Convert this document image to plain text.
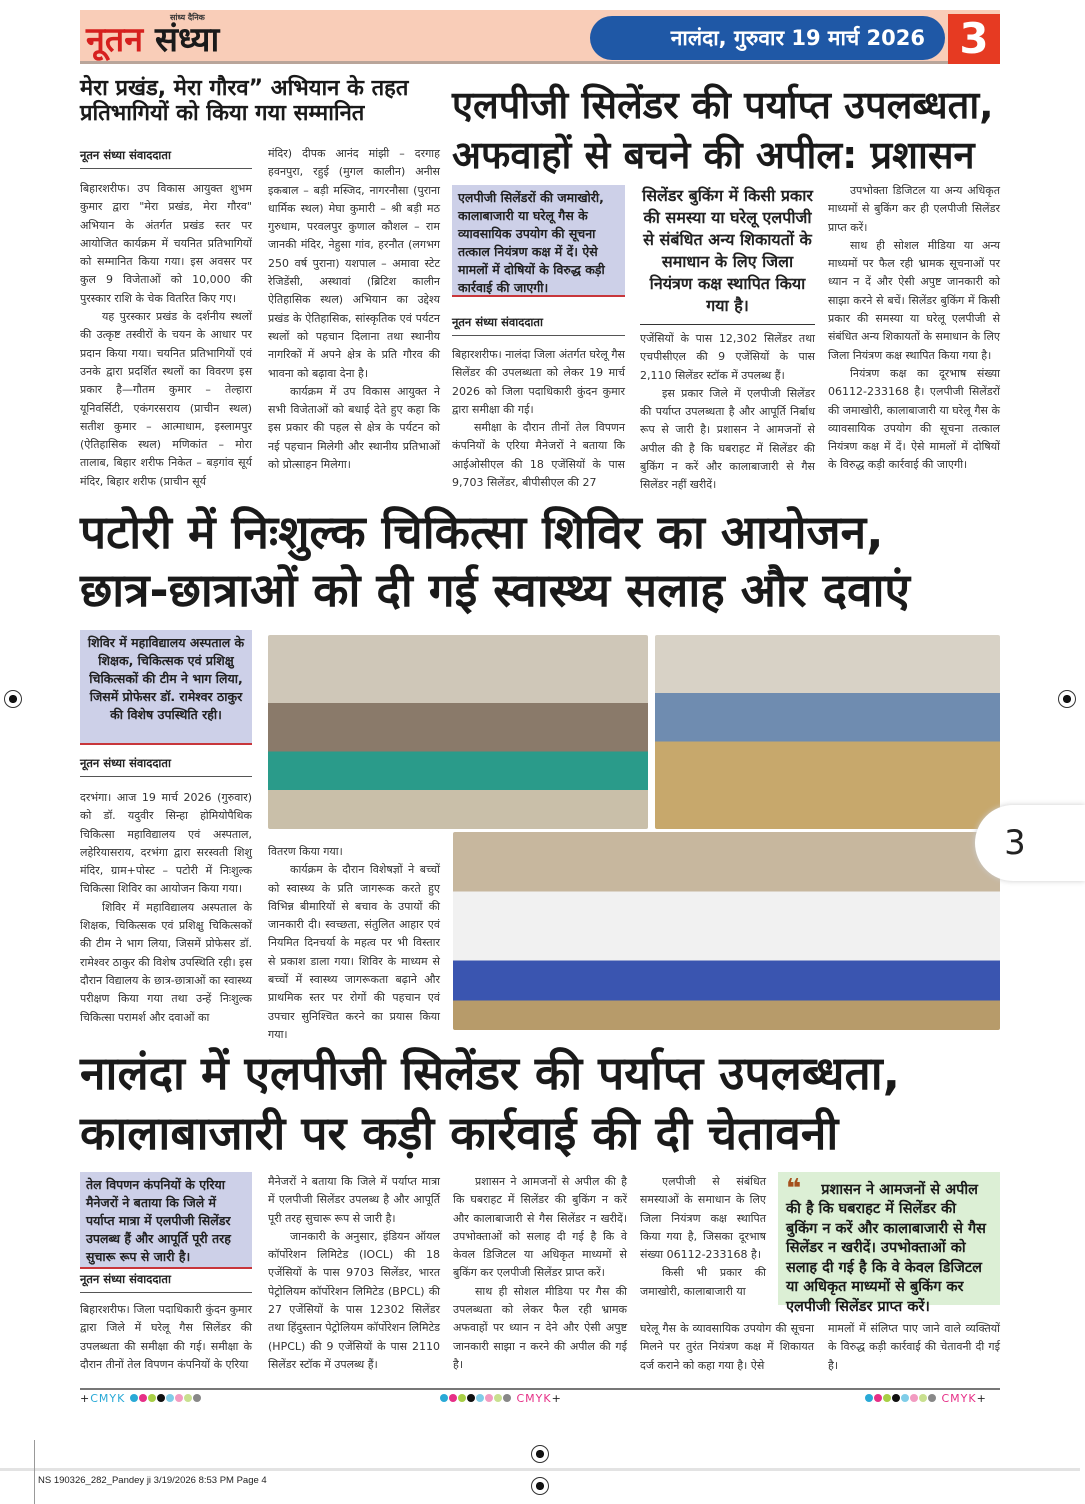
सांध्य दैनिक
नूतन संध्या	नालंदा, गुरुवार 19 मार्च 2026 3
मेरा प्रखंड, मेरा गौरव” अभियान के तहत प्रतिभागियों को किया गया सम्मानित
नूतन संध्या संवाददाता

बिहारशरीफ। उप विकास आयुक्त शुभम कुमार द्वारा "मेरा प्रखंड, मेरा गौरव" अभियान के अंतर्गत प्रखंड स्तर पर आयोजित कार्यक्रम में चयनित प्रतिभागियों को सम्मानित किया गया। इस अवसर पर कुल 9 विजेताओं को 10,000 की पुरस्कार राशि के चेक वितरित किए गए।

यह पुरस्कार प्रखंड के दर्शनीय स्थलों की उत्कृष्ट तस्वीरों के चयन के आधार पर प्रदान किया गया। चयनित प्रतिभागियों एवं उनके द्वारा प्रदर्शित स्थलों का विवरण इस प्रकार है—गौतम कुमार – तेल्हारा यूनिवर्सिटी, एकंगरसराय (प्राचीन स्थल) सतीश कुमार – आत्माधाम, इस्लामपुर (ऐतिहासिक स्थल) मणिकांत – मोरा तालाब, बिहार शरीफ निकेत – बड़गांव सूर्य मंदिर, बिहार शरीफ (प्राचीन सूर्य

मंदिर) दीपक आनंद मांझी – दरगाह हवनपुरा, रहुई (मुगल कालीन) अनीस इकबाल – बड़ी मस्जिद, नागरनौसा (पुराना धार्मिक स्थल) मेघा कुमारी – श्री बड़ी मठ गुरुधाम, परवलपुर कुणाल कौशल – राम जानकी मंदिर, नेहुसा गांव, हरनौत (लगभग 250 वर्ष पुराना) यशपाल – अमावा स्टेट रेजिडेंसी, अस्थावां (ब्रिटिश कालीन ऐतिहासिक स्थल) अभियान का उद्देश्य प्रखंड के ऐतिहासिक, सांस्कृतिक एवं पर्यटन स्थलों को पहचान दिलाना तथा स्थानीय नागरिकों में अपने क्षेत्र के प्रति गौरव की भावना को बढ़ावा देना है।

कार्यक्रम में उप विकास आयुक्त ने सभी विजेताओं को बधाई देते हुए कहा कि इस प्रकार की पहल से क्षेत्र के पर्यटन को नई पहचान मिलेगी और स्थानीय प्रतिभाओं को प्रोत्साहन मिलेगा।

एलपीजी सिलेंडर की पर्याप्त उपलब्धता, अफवाहों से बचने की अपील: प्रशासन
एलपीजी सिलेंडरों की जमाखोरी, कालाबाजारी या घरेलू गैस के व्यावसायिक उपयोग की सूचना तत्काल नियंत्रण कक्ष में दें। ऐसे मामलों में दोषियों के विरुद्ध कड़ी कार्रवाई की जाएगी।
नूतन संध्या संवाददाता

बिहारशरीफ। नालंदा जिला अंतर्गत घरेलू गैस सिलेंडर की उपलब्धता को लेकर 19 मार्च 2026 को जिला पदाधिकारी कुंदन कुमार द्वारा समीक्षा की गई।

समीक्षा के दौरान तीनों तेल विपणन कंपनियों के एरिया मैनेजरों ने बताया कि आईओसीएल की 18 एजेंसियों के पास 9,703 सिलेंडर, बीपीसीएल की 27

सिलेंडर बुकिंग में किसी प्रकार की समस्या या घरेलू एलपीजी से संबंधित अन्य शिकायतों के समाधान के लिए जिला नियंत्रण कक्ष स्थापित किया गया है।

एजेंसियों के पास 12,302 सिलेंडर तथा एचपीसीएल की 9 एजेंसियों के पास 2,110 सिलेंडर स्टॉक में उपलब्ध हैं।

इस प्रकार जिले में एलपीजी सिलेंडर की पर्याप्त उपलब्धता है और आपूर्ति निर्बाध रूप से जारी है। प्रशासन ने आमजनों से अपील की है कि घबराहट में सिलेंडर की बुकिंग न करें और कालाबाजारी से गैस सिलेंडर नहीं खरीदें।

उपभोक्ता डिजिटल या अन्य अधिकृत माध्यमों से बुकिंग कर ही एलपीजी सिलेंडर प्राप्त करें।

साथ ही सोशल मीडिया या अन्य माध्यमों पर फैल रही भ्रामक सूचनाओं पर ध्यान न दें और ऐसी अपुष्ट जानकारी को साझा करने से बचें। सिलेंडर बुकिंग में किसी प्रकार की समस्या या घरेलू एलपीजी से संबंधित अन्य शिकायतों के समाधान के लिए जिला नियंत्रण कक्ष स्थापित किया गया है।

नियंत्रण कक्ष का दूरभाष संख्या 06112-233168 है। एलपीजी सिलेंडरों की जमाखोरी, कालाबाजारी या घरेलू गैस के व्यावसायिक उपयोग की सूचना तत्काल नियंत्रण कक्ष में दें। ऐसे मामलों में दोषियों के विरुद्ध कड़ी कार्रवाई की जाएगी।

पटोरी में निःशुल्क चिकित्सा शिविर का आयोजन,
छात्र-छात्राओं को दी गई स्वास्थ्य सलाह और दवाएं
शिविर में महाविद्यालय अस्पताल के शिक्षक, चिकित्सक एवं प्रशिक्षु चिकित्सकों की टीम ने भाग लिया, जिसमें प्रोफेसर डॉ. रामेश्वर ठाकुर की विशेष उपस्थिति रही।
नूतन संध्या संवाददाता

दरभंगा। आज 19 मार्च 2026 (गुरुवार) को डॉ. यदुवीर सिन्हा होमियोपैथिक चिकित्सा महाविद्यालय एवं अस्पताल, लहेरियासराय, दरभंगा द्वारा सरस्वती शिशु मंदिर, ग्राम+पोस्ट – पटोरी में निःशुल्क चिकित्सा शिविर का आयोजन किया गया।

शिविर में महाविद्यालय अस्पताल के शिक्षक, चिकित्सक एवं प्रशिक्षु चिकित्सकों की टीम ने भाग लिया, जिसमें प्रोफेसर डॉ. रामेश्वर ठाकुर की विशेष उपस्थिति रही। इस दौरान विद्यालय के छात्र-छात्राओं का स्वास्थ्य परीक्षण किया गया तथा उन्हें निःशुल्क चिकित्सा परामर्श और दवाओं का

वितरण किया गया।

कार्यक्रम के दौरान विशेषज्ञों ने बच्चों को स्वास्थ्य के प्रति जागरूक करते हुए विभिन्न बीमारियों से बचाव के उपायों की जानकारी दी। स्वच्छता, संतुलित आहार एवं नियमित दिनचर्या के महत्व पर भी विस्तार से प्रकाश डाला गया। शिविर के माध्यम से बच्चों में स्वास्थ्य जागरूकता बढ़ाने और प्राथमिक स्तर पर रोगों की पहचान एवं उपचार सुनिश्चित करने का प्रयास किया गया।

3
नालंदा में एलपीजी सिलेंडर की पर्याप्त उपलब्धता,
कालाबाजारी पर कड़ी कार्रवाई की दी चेतावनी
तेल विपणन कंपनियों के एरिया मैनेजरों ने बताया कि जिले में पर्याप्त मात्रा में एलपीजी सिलेंडर उपलब्ध हैं और आपूर्ति पूरी तरह सुचारू रूप से जारी है।
नूतन संध्या संवाददाता

बिहारशरीफ। जिला पदाधिकारी कुंदन कुमार द्वारा जिले में घरेलू गैस सिलेंडर की उपलब्धता की समीक्षा की गई। समीक्षा के दौरान तीनों तेल विपणन कंपनियों के एरिया

मैनेजरों ने बताया कि जिले में पर्याप्त मात्रा में एलपीजी सिलेंडर उपलब्ध है और आपूर्ति पूरी तरह सुचारू रूप से जारी है।

जानकारी के अनुसार, इंडियन ऑयल कॉर्पोरेशन लिमिटेड (IOCL) की 18 एजेंसियों के पास 9703 सिलेंडर, भारत पेट्रोलियम कॉर्पोरेशन लिमिटेड (BPCL) की 27 एजेंसियों के पास 12302 सिलेंडर तथा हिंदुस्तान पेट्रोलियम कॉर्पोरेशन लिमिटेड (HPCL) की 9 एजेंसियों के पास 2110 सिलेंडर स्टॉक में उपलब्ध हैं।

प्रशासन ने आमजनों से अपील की है कि घबराहट में सिलेंडर की बुकिंग न करें और कालाबाजारी से गैस सिलेंडर न खरीदें। उपभोक्ताओं को सलाह दी गई है कि वे केवल डिजिटल या अधिकृत माध्यमों से बुकिंग कर एलपीजी सिलेंडर प्राप्त करें।

साथ ही सोशल मीडिया पर गैस की उपलब्धता को लेकर फैल रही भ्रामक अफवाहों पर ध्यान न देने और ऐसी अपुष्ट जानकारी साझा न करने की अपील की गई है।

एलपीजी से संबंधित समस्याओं के समाधान के लिए जिला नियंत्रण कक्ष स्थापित किया गया है, जिसका दूरभाष संख्या 06112-233168 है।

किसी भी प्रकार की जमाखोरी, कालाबाजारी या

❝ प्रशासन ने आमजनों से अपील की है कि घबराहट में सिलेंडर की बुकिंग न करें और कालाबाजारी से गैस सिलेंडर न खरीदें। उपभोक्ताओं को सलाह दी गई है कि वे केवल डिजिटल या अधिकृत माध्यमों से बुकिंग कर एलपीजी सिलेंडर प्राप्त करें।

घरेलू गैस के व्यावसायिक उपयोग की सूचना मिलने पर तुरंत नियंत्रण कक्ष में शिकायत दर्ज कराने को कहा गया है। ऐसे

मामलों में संलिप्त पाए जाने वाले व्यक्तियों के विरुद्ध कड़ी कार्रवाई की चेतावनी दी गई है।

+CMYK	CMYK+	CMYK+
NS 190326_282_Pandey ji 3/19/2026 8:53 PM Page 4
